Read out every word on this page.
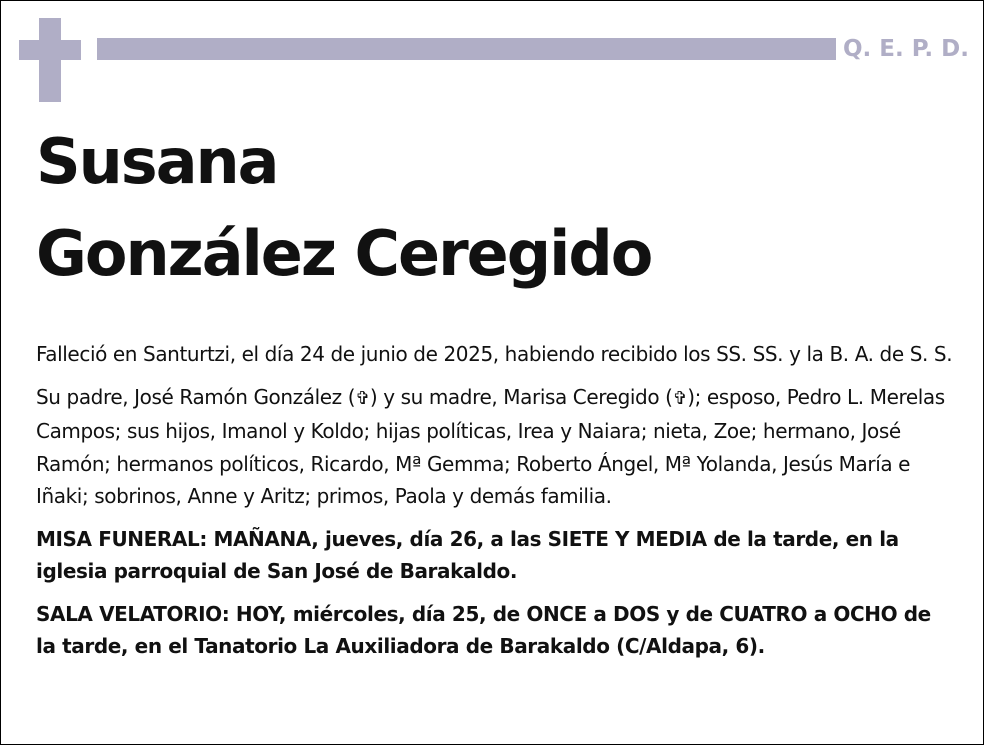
Q. E. P. D.
Susana
González Ceregido

Falleció en Santurtzi, el día 24 de junio de 2025, habiendo recibido los SS. SS. y la B. A. de S. S.

Su padre, José Ramón González (✞) y su madre, Marisa Ceregido (✞); esposo, Pedro L. Merelas Campos; sus hijos, Imanol y Koldo; hijas políticas, Irea y Naiara; nieta, Zoe; hermano, José Ramón; hermanos políticos, Ricardo, Mª Gemma; Roberto Ángel, Mª Yolanda, Jesús María e Iñaki; sobrinos, Anne y Aritz; primos, Paola y demás familia.

MISA FUNERAL: MAÑANA, jueves, día 26, a las SIETE Y MEDIA de la tarde, en la iglesia parroquial de San José de Barakaldo.

SALA VELATORIO: HOY, miércoles, día 25, de ONCE a DOS y de CUATRO a OCHO de la tarde, en el Tanatorio La Auxiliadora de Barakaldo (C/Aldapa, 6).
